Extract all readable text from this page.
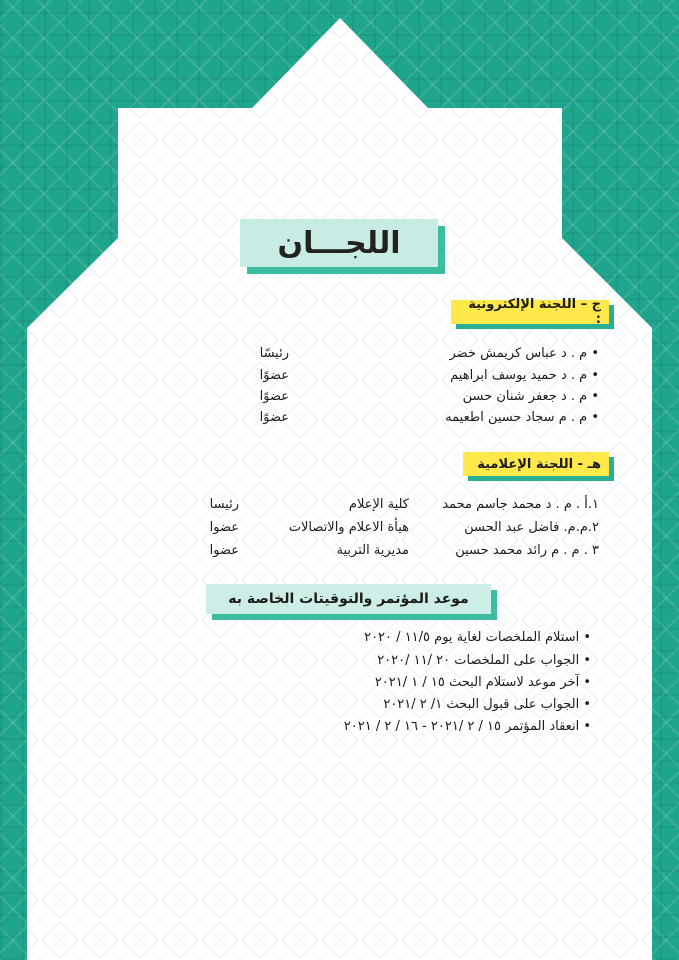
اللجـــان
ج – اللجنة الإلكترونية :
• م . د عباس كريمش خضر
رئيسًا
• م . د حميد يوسف ابراهيم
عضوًا
• م . د جعفر شنان حسن
عضوًا
• م . م سجاد حسين اطعيمه
عضوًا
هـ - اللجنة الإعلامية
١.أ . م . د محمد جاسم محمد
كلية الإعلام
رئيسا
٢.م.م. فاضل عبد الحسن
هيأة الاعلام والاتصالات
عضوا
٣ . م . م رائد محمد حسين
مديرية التربية
عضوا
موعد المؤتمر والتوقيتات الخاصة به
• استلام الملخصات لغاية يوم ١١/٥ / ٢٠٢٠
• الجواب على الملخصات ٢٠ /١١ /٢٠٢٠
• آخر موعد لاستلام البحث ١٥ / ١ /٢٠٢١
• الجواب على قبول البحث ١/ ٢ /٢٠٢١
• انعقاد المؤتمر ١٥ / ٢ /٢٠٢١ - ١٦ / ٢ / ٢٠٢١
